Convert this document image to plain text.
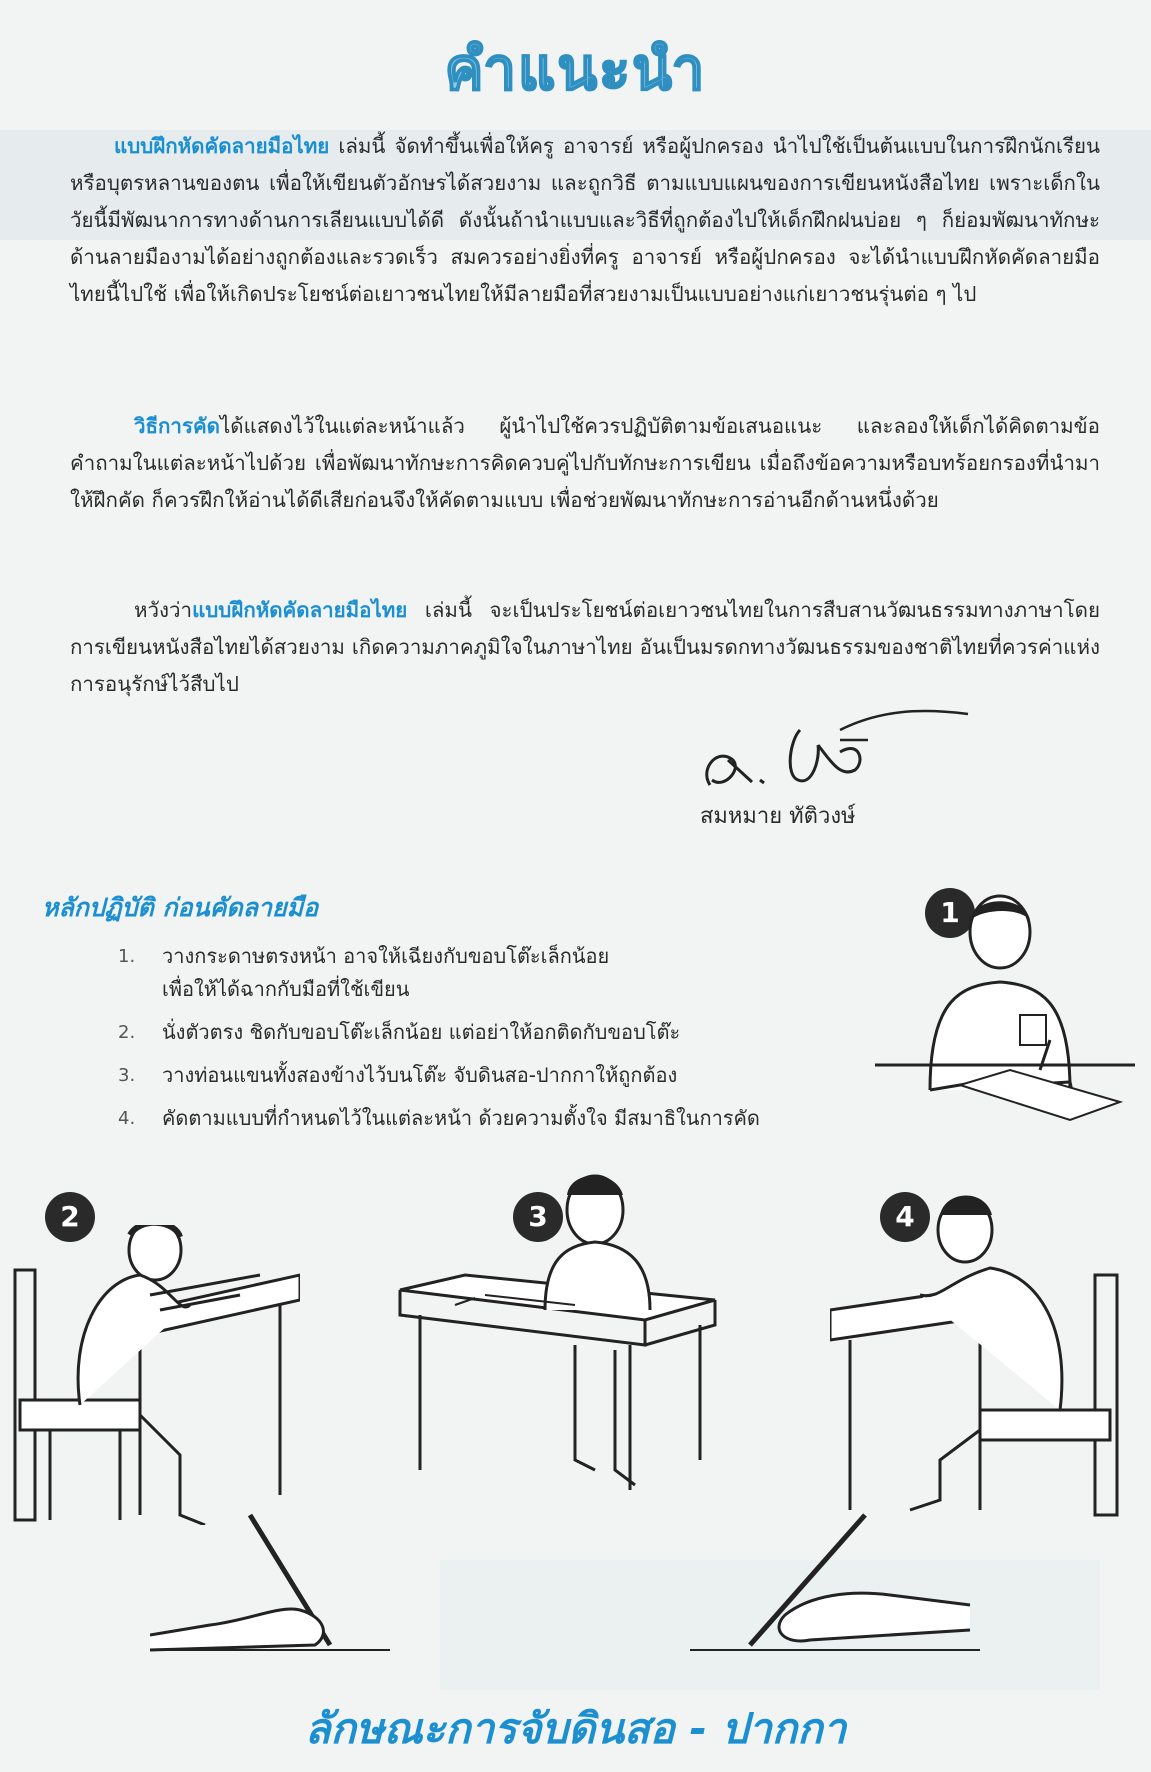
คำแนะนำ

แบบฝึกหัดคัดลายมือไทย เล่มนี้ จัดทำขึ้นเพื่อให้ครู อาจารย์ หรือผู้ปกครอง นำไปใช้เป็นต้นแบบในการฝึกนักเรียนหรือบุตรหลานของตน เพื่อให้เขียนตัวอักษรได้สวยงาม และถูกวิธี ตามแบบแผนของการเขียนหนังสือไทย เพราะเด็กในวัยนี้มีพัฒนาการทางด้านการเลียนแบบได้ดี ดังนั้นถ้านำแบบและวิธีที่ถูกต้องไปให้เด็กฝึกฝนบ่อย ๆ ก็ย่อมพัฒนาทักษะด้านลายมืองามได้อย่างถูกต้องและรวดเร็ว สมควรอย่างยิ่งที่ครู อาจารย์ หรือผู้ปกครอง จะได้นำแบบฝึกหัดคัดลายมือไทยนี้ไปใช้ เพื่อให้เกิดประโยชน์ต่อเยาวชนไทยให้มีลายมือที่สวยงามเป็นแบบอย่างแก่เยาวชนรุ่นต่อ ๆ ไป

วิธีการคัดได้แสดงไว้ในแต่ละหน้าแล้ว ผู้นำไปใช้ควรปฏิบัติตามข้อเสนอแนะ และลองให้เด็กได้คิดตามข้อคำถามในแต่ละหน้าไปด้วย เพื่อพัฒนาทักษะการคิดควบคู่ไปกับทักษะการเขียน เมื่อถึงข้อความหรือบทร้อยกรองที่นำมาให้ฝึกคัด ก็ควรฝึกให้อ่านได้ดีเสียก่อนจึงให้คัดตามแบบ เพื่อช่วยพัฒนาทักษะการอ่านอีกด้านหนึ่งด้วย

หวังว่าแบบฝึกหัดคัดลายมือไทย เล่มนี้ จะเป็นประโยชน์ต่อเยาวชนไทยในการสืบสานวัฒนธรรมทางภาษาโดยการเขียนหนังสือไทยได้สวยงาม เกิดความภาคภูมิใจในภาษาไทย อันเป็นมรดกทางวัฒนธรรมของชาติไทยที่ควรค่าแห่งการอนุรักษ์ไว้สืบไป

สมหมาย ทัติวงษ์
หลักปฏิบัติ ก่อนคัดลายมือ
1. วางกระดาษตรงหน้า อาจให้เฉียงกับขอบโต๊ะเล็กน้อย
เพื่อให้ได้ฉากกับมือที่ใช้เขียน
2. นั่งตัวตรง ชิดกับขอบโต๊ะเล็กน้อย แต่อย่าให้อกติดกับขอบโต๊ะ
3. วางท่อนแขนทั้งสองข้างไว้บนโต๊ะ จับดินสอ-ปากกาให้ถูกต้อง
4. คัดตามแบบที่กำหนดไว้ในแต่ละหน้า ด้วยความตั้งใจ มีสมาธิในการคัด
1
2	3	4
ลักษณะการจับดินสอ - ปากกา
